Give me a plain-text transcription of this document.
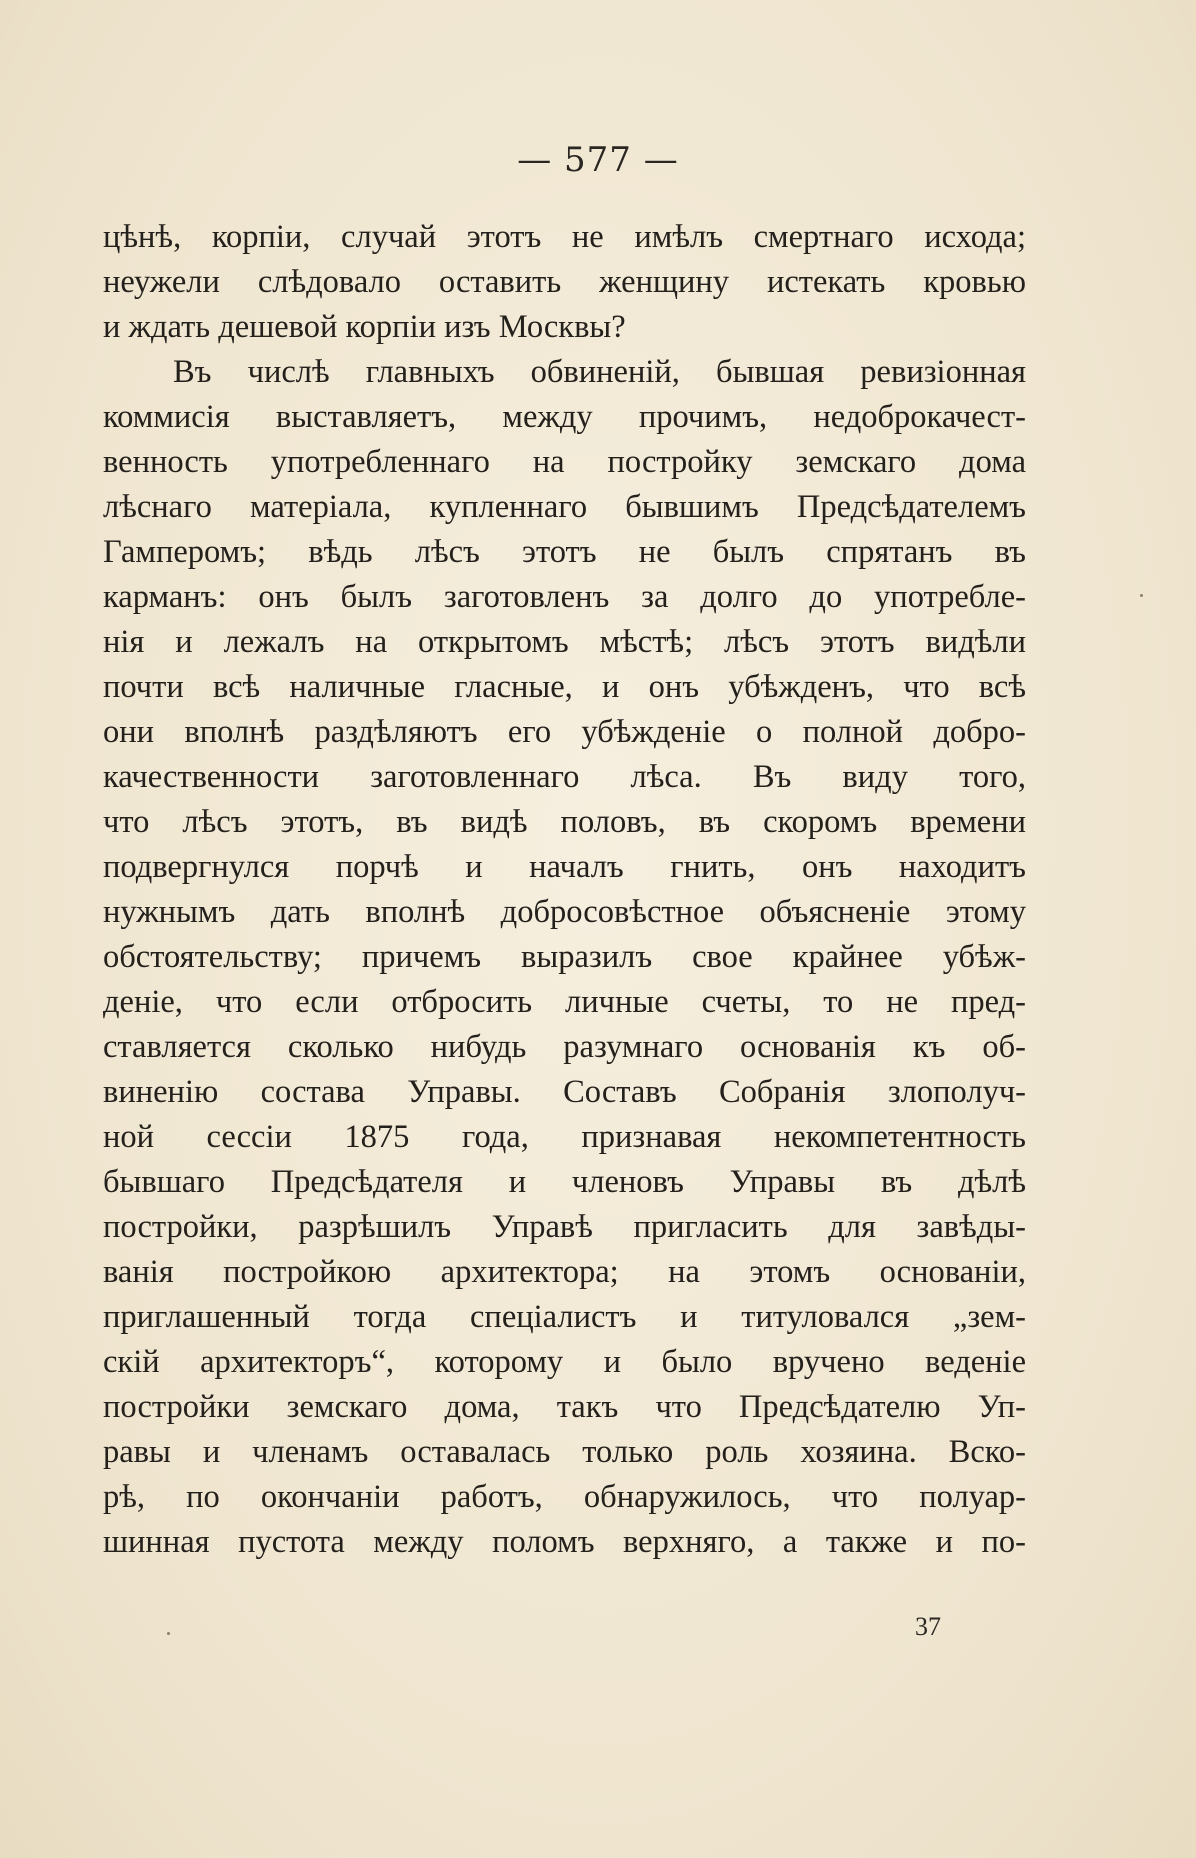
— 577 —
цѣнѣ, корпіи, случай этотъ не имѣлъ смертнаго исхода;
неужели слѣдовало оставить женщину истекать кровью
и ждать дешевой корпіи изъ Москвы?
Въ числѣ главныхъ обвиненій, бывшая ревизіонная
коммисія выставляетъ, между прочимъ, недоброкачест-
венность употребленнаго на постройку земскаго дома
лѣснаго матеріала, купленнаго бывшимъ Предсѣдателемъ
Гамперомъ; вѣдь лѣсъ этотъ не былъ спрятанъ въ
карманъ: онъ былъ заготовленъ за долго до употребле-
нія и лежалъ на открытомъ мѣстѣ; лѣсъ этотъ видѣли
почти всѣ наличные гласные, и онъ убѣжденъ, что всѣ
они вполнѣ раздѣляютъ его убѣжденіе о полной добро-
качественности заготовленнаго лѣса. Въ виду того,
что лѣсъ этотъ, въ видѣ половъ, въ скоромъ времени
подвергнулся порчѣ и началъ гнить, онъ находитъ
нужнымъ дать вполнѣ добросовѣстное объясненіе этому
обстоятельству; причемъ выразилъ свое крайнее убѣж-
деніе, что если отбросить личные счеты, то не пред-
ставляется сколько нибудь разумнаго основанія къ об-
виненію состава Управы. Составъ Собранія злополуч-
ной сессіи 1875 года, признавая некомпетентность
бывшаго Предсѣдателя и членовъ Управы въ дѣлѣ
постройки, разрѣшилъ Управѣ пригласить для завѣды-
ванія постройкою архитектора; на этомъ основаніи,
приглашенный тогда спеціалистъ и титуловался „зем-
скій архитекторъ“, которому и было вручено веденіе
постройки земскаго дома, такъ что Предсѣдателю Уп-
равы и членамъ оставалась только роль хозяина. Вско-
рѣ, по окончаніи работъ, обнаружилось, что полуар-
шинная пустота между поломъ верхняго, а также и по-
37
